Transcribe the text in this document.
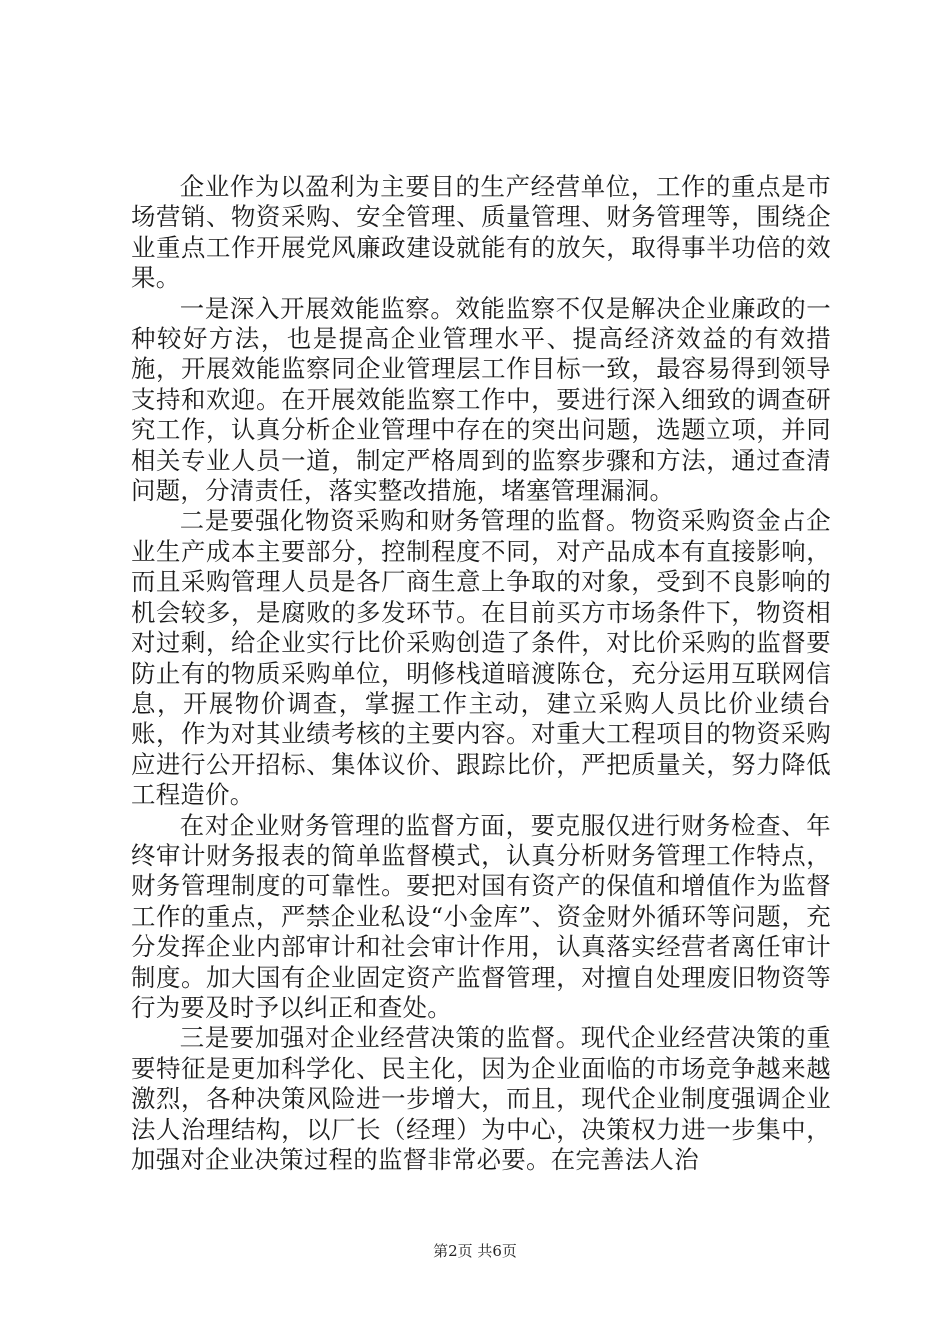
企业作为以盈利为主要目的生产经营单位，工作的重点是市场营销、物资采购、安全管理、质量管理、财务管理等，围绕企业重点工作开展党风廉政建设就能有的放矢，取得事半功倍的效果。

一是深入开展效能监察。效能监察不仅是解决企业廉政的一种较好方法，也是提高企业管理水平、提高经济效益的有效措施，开展效能监察同企业管理层工作目标一致，最容易得到领导支持和欢迎。在开展效能监察工作中，要进行深入细致的调查研究工作，认真分析企业管理中存在的突出问题，选题立项，并同相关专业人员一道，制定严格周到的监察步骤和方法，通过查清问题，分清责任，落实整改措施，堵塞管理漏洞。

二是要强化物资采购和财务管理的监督。物资采购资金占企业生产成本主要部分，控制程度不同，对产品成本有直接影响，而且采购管理人员是各厂商生意上争取的对象，受到不良影响的机会较多，是腐败的多发环节。在目前买方市场条件下，物资相对过剩，给企业实行比价采购创造了条件，对比价采购的监督要防止有的物质采购单位，明修栈道暗渡陈仓，充分运用互联网信息，开展物价调查，掌握工作主动，建立采购人员比价业绩台账，作为对其业绩考核的主要内容。对重大工程项目的物资采购应进行公开招标、集体议价、跟踪比价，严把质量关，努力降低工程造价。

在对企业财务管理的监督方面，要克服仅进行财务检查、年终审计财务报表的简单监督模式，认真分析财务管理工作特点，财务管理制度的可靠性。要把对国有资产的保值和增值作为监督工作的重点，严禁企业私设“小金库”、资金财外循环等问题，充分发挥企业内部审计和社会审计作用，认真落实经营者离任审计制度。加大国有企业固定资产监督管理，对擅自处理废旧物资等行为要及时予以纠正和查处。

三是要加强对企业经营决策的监督。现代企业经营决策的重要特征是更加科学化、民主化，因为企业面临的市场竞争越来越激烈，各种决策风险进一步增大，而且，现代企业制度强调企业法人治理结构，以厂长（经理）为中心，决策权力进一步集中，加强对企业决策过程的监督非常必要。在完善法人治

第2页 共6页
